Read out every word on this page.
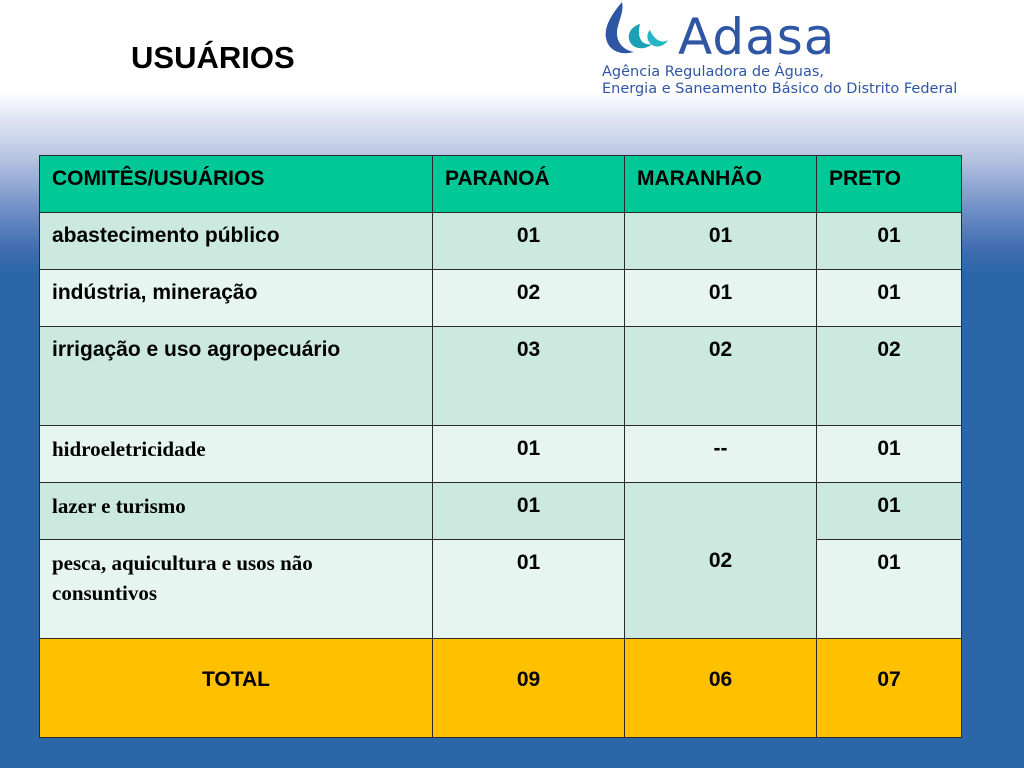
USUÁRIOS	Adasa
Agência Reguladora de Águas,
Energia e Saneamento Básico do Distrito Federal
COMITÊS/USUÁRIOS	PARANOÁ	MARANHÃO	PRETO
abastecimento público	01	01	01
indústria, mineração	02	01	01
irrigação e uso agropecuário	03	02	02
hidroeletricidade	01	--	01
lazer e turismo	01	02	01
pesca, aquicultura e usos não consuntivos	01		01
TOTAL	09	06	07
